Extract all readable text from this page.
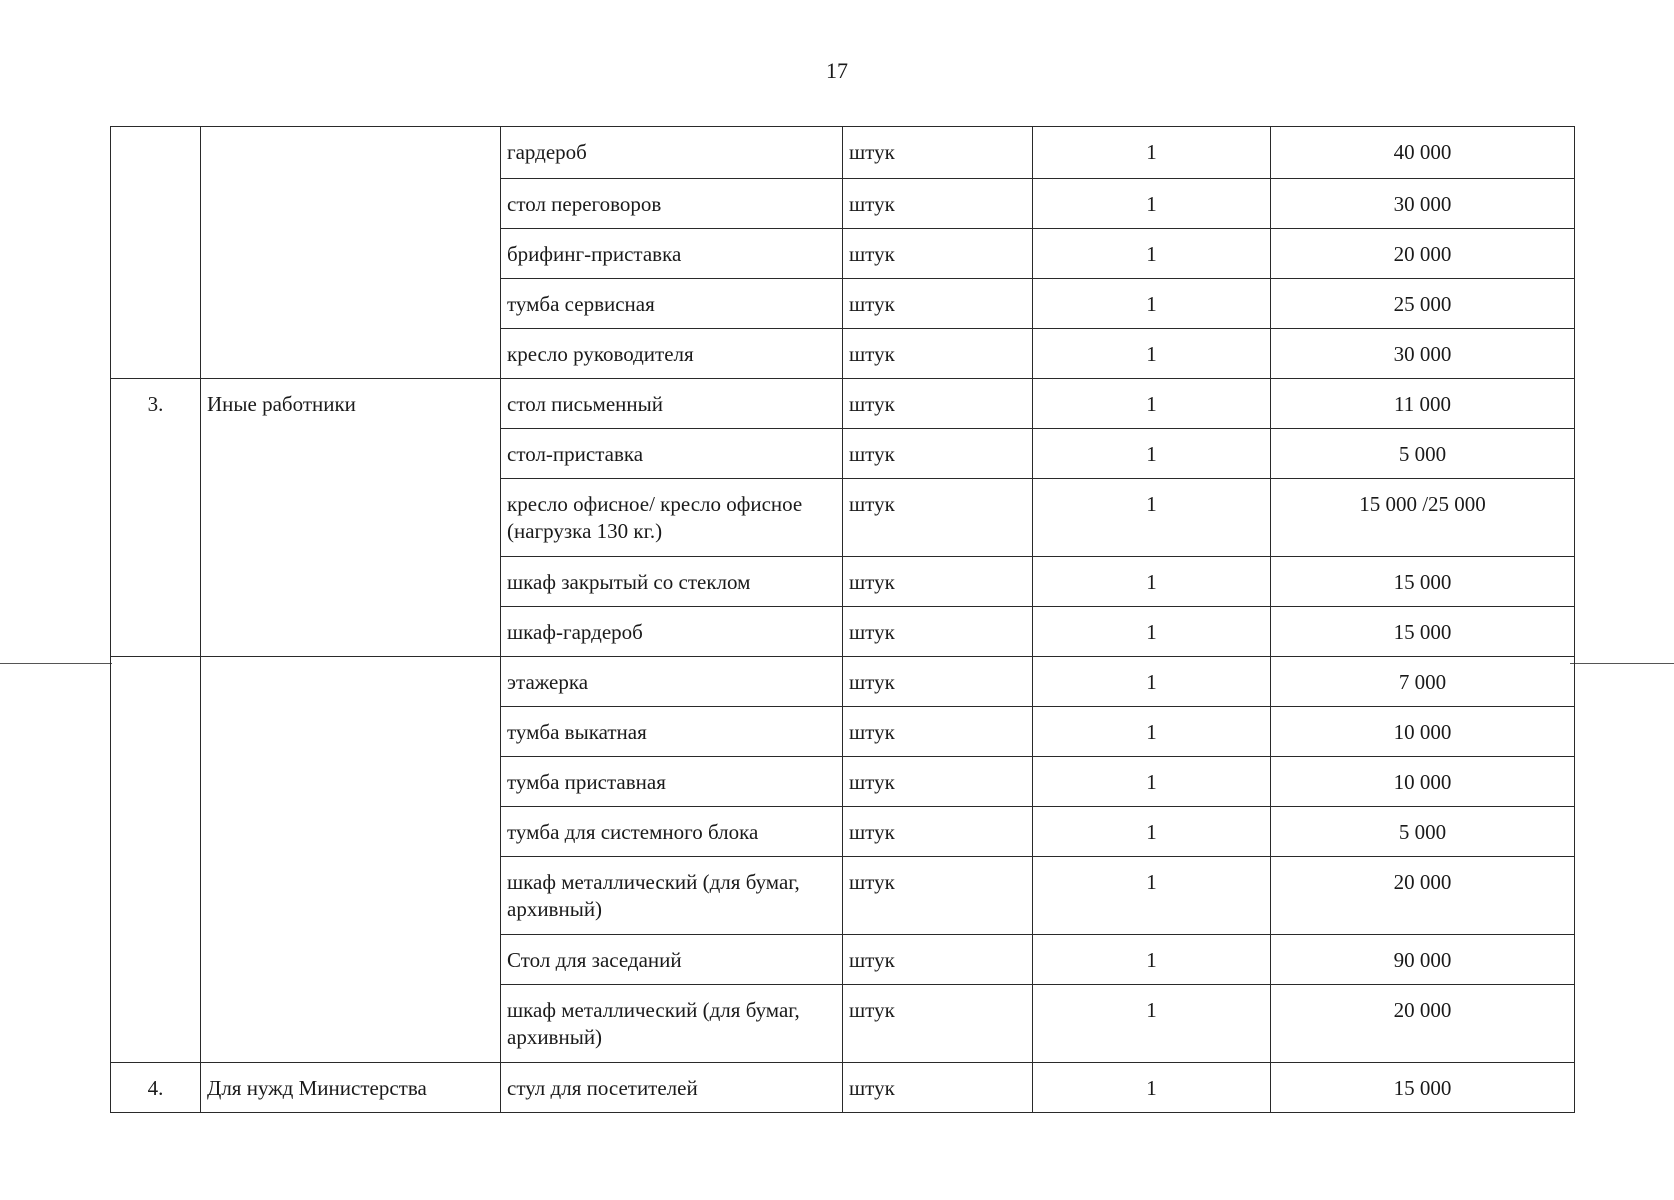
17
		гардероб	штук	1	40 000
		стол переговоров	штук	1	30 000
		брифинг-приставка	штук	1	20 000
		тумба сервисная	штук	1	25 000
		кресло руководителя	штук	1	30 000
3.	Иные работники	стол письменный	штук	1	11 000
		стол-приставка	штук	1	5 000
		кресло офисное/ кресло офисное (нагрузка 130 кг.)	штук	1	15 000 /25 000
		шкаф закрытый со стеклом	штук	1	15 000
		шкаф-гардероб	штук	1	15 000
		этажерка	штук	1	7 000
		тумба выкатная	штук	1	10 000
		тумба приставная	штук	1	10 000
		тумба для системного блока	штук	1	5 000
		шкаф металлический (для бумаг, архивный)	штук	1	20 000
		Стол для заседаний	штук	1	90 000
		шкаф металлический (для бумаг, архивный)	штук	1	20 000
4.	Для нужд Министерства	стул для посетителей	штук	1	15 000
